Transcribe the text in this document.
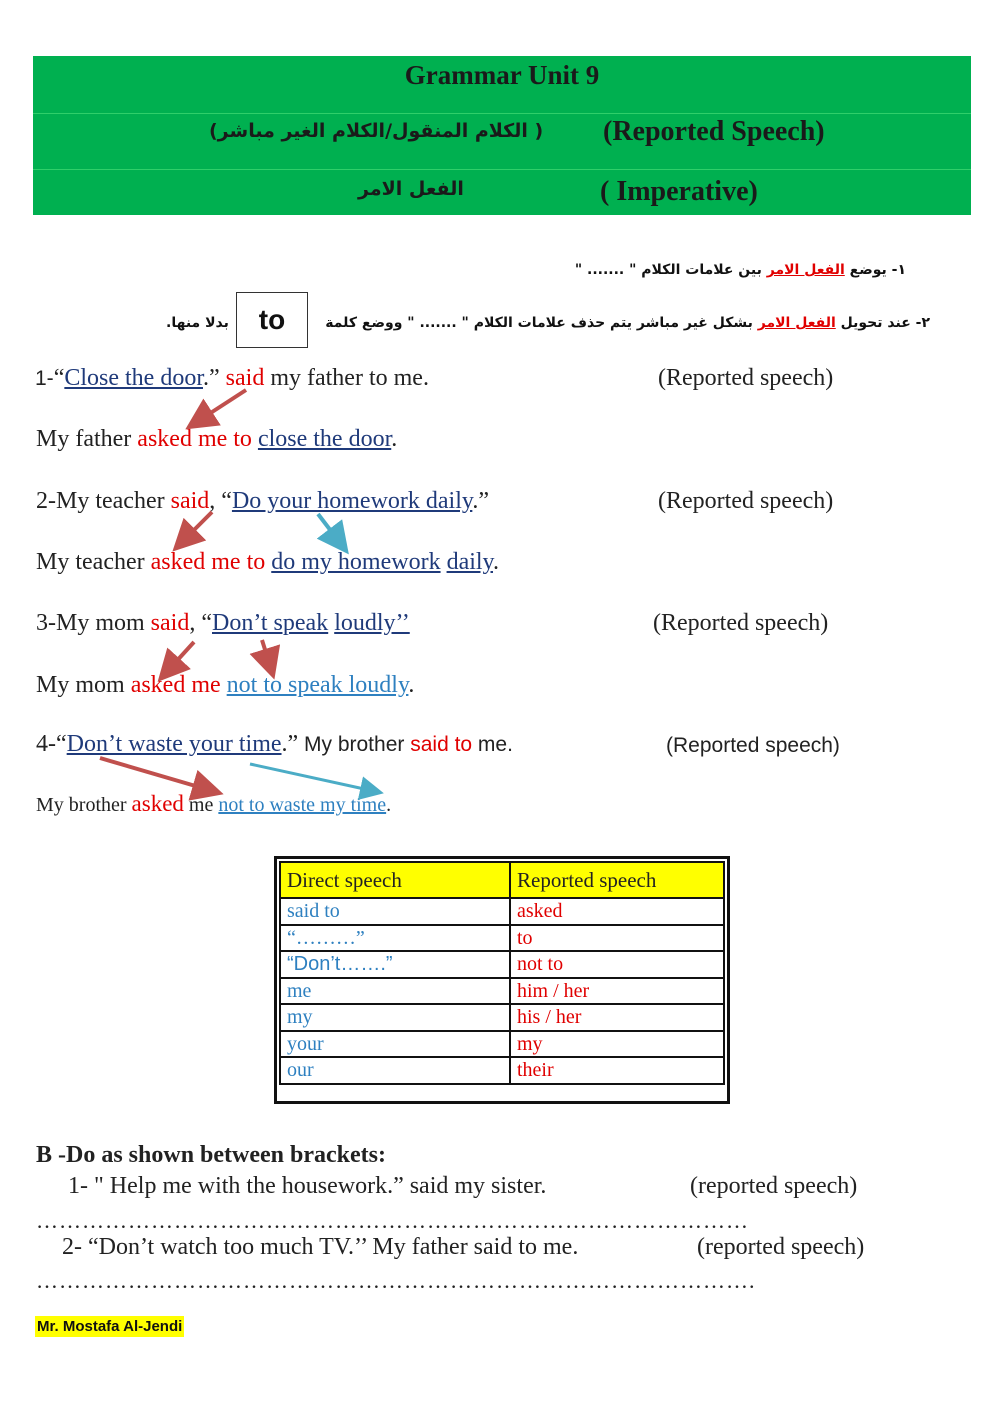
Grammar Unit 9
( الكلام المنقول/الكلام الغير مباشر) (Reported Speech)
الفعل الامر	( Imperative)
١- يوضع الفعل الامر بين علامات الكلام " ....... "
٢- عند تحويل الفعل الامر بشكل غير مباشر يتم حذف علامات الكلام " ....... " ووضع كلمة
to
بدلا منها.
1-“Close the door.” said my father to me.	(Reported speech)
My father asked me to close the door.
2-My teacher said, “Do your homework daily.”	(Reported speech)
My teacher asked me to do my homework daily.
3-My mom said, “Don’t speak loudly’’	(Reported speech)
My mom asked me not to speak loudly.
4-“Don’t waste your time.” My brother said to me.	(Reported speech)
My brother asked me not to waste my time.
Direct speech	Reported speech
said to	asked
“………”	to
“Don’t…….”	not to
me	him / her
my	his / her
your	my
our	their
B -Do as shown between brackets:
1- " Help me with the housework.” said my sister.	(reported speech)
…………………………………………………………………………………
2- “Don’t watch too much TV.’’ My father said to me.	(reported speech)
………………………………………………………………………………….
Mr. Mostafa Al-Jendi
